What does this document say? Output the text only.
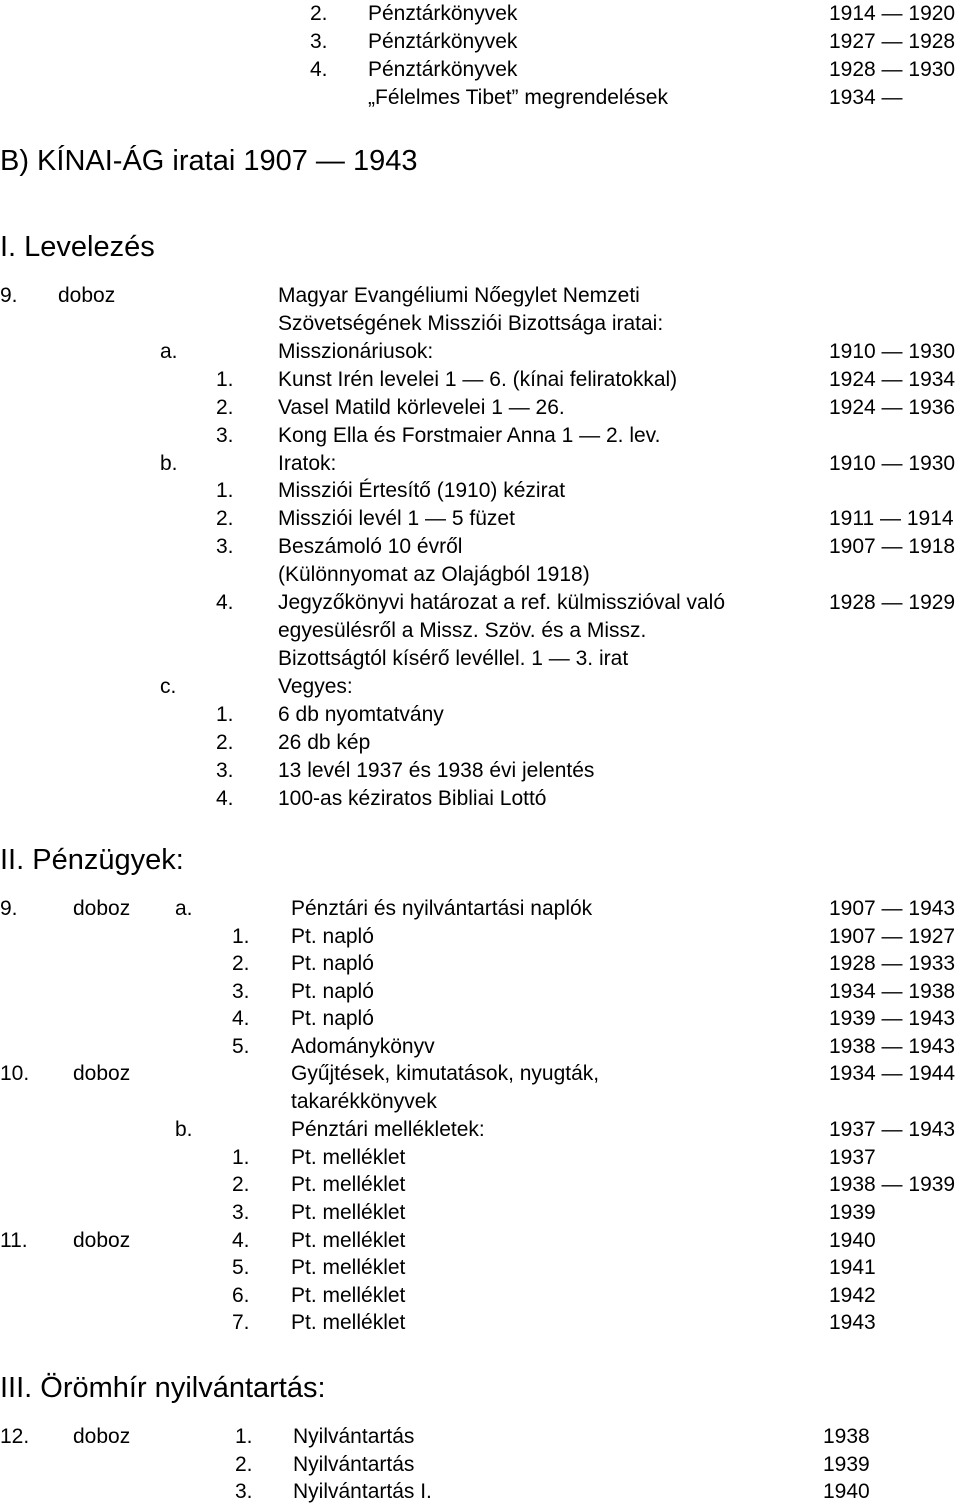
2. Pénztárkönyvek	1914 — 1920
3. Pénztárkönyvek	1927 — 1928
4. Pénztárkönyvek	1928 — 1930
„Félelmes Tibet” megrendelések	1934 —
B) KÍNAI-ÁG iratai 1907 — 1943
I. Levelezés
9. doboz	Magyar Evangéliumi Nőegylet Nemzeti
Szövetségének Missziói Bizottsága iratai:
a.	Misszionáriusok:	1910 — 1930
1. Kunst Irén levelei 1 — 6. (kínai feliratokkal)	1924 — 1934
2. Vasel Matild körlevelei 1 — 26.	1924 — 1936
3. Kong Ella és Forstmaier Anna 1 — 2. lev.
b.	Iratok:	1910 — 1930
1. Missziói Értesítő (1910) kézirat
2. Missziói levél 1 — 5 füzet	1911 — 1914
3. Beszámoló 10 évről	1907 — 1918
(Különnyomat az Olajágból 1918)
4. Jegyzőkönyvi határozat a ref. külmisszióval való	1928 — 1929
egyesülésről a Missz. Szöv. és a Missz.
Bizottságtól kísérő levéllel. 1 — 3. irat
c.	Vegyes:
1. 6 db nyomtatvány
2. 26 db kép
3. 13 levél 1937 és 1938 évi jelentés
4. 100-as kéziratos Bibliai Lottó
II. Pénzügyek:
9.	doboz a.	Pénztári és nyilvántartási naplók	1907 — 1943
1. Pt. napló	1907 — 1927
2. Pt. napló	1928 — 1933
3. Pt. napló	1934 — 1938
4. Pt. napló	1939 — 1943
5. Adománykönyv	1938 — 1943
10. doboz	Gyűjtések, kimutatások, nyugták,	1934 — 1944
takarékkönyvek
b.	Pénztári mellékletek:	1937 — 1943
1. Pt. melléklet	1937
2. Pt. melléklet	1938 — 1939
3. Pt. melléklet	1939
11. doboz	4. Pt. melléklet	1940
5. Pt. melléklet	1941
6. Pt. melléklet	1942
7. Pt. melléklet	1943
III. Örömhír nyilvántartás:
12. doboz	1. Nyilvántartás	1938
2. Nyilvántartás	1939
3. Nyilvántartás I.	1940
